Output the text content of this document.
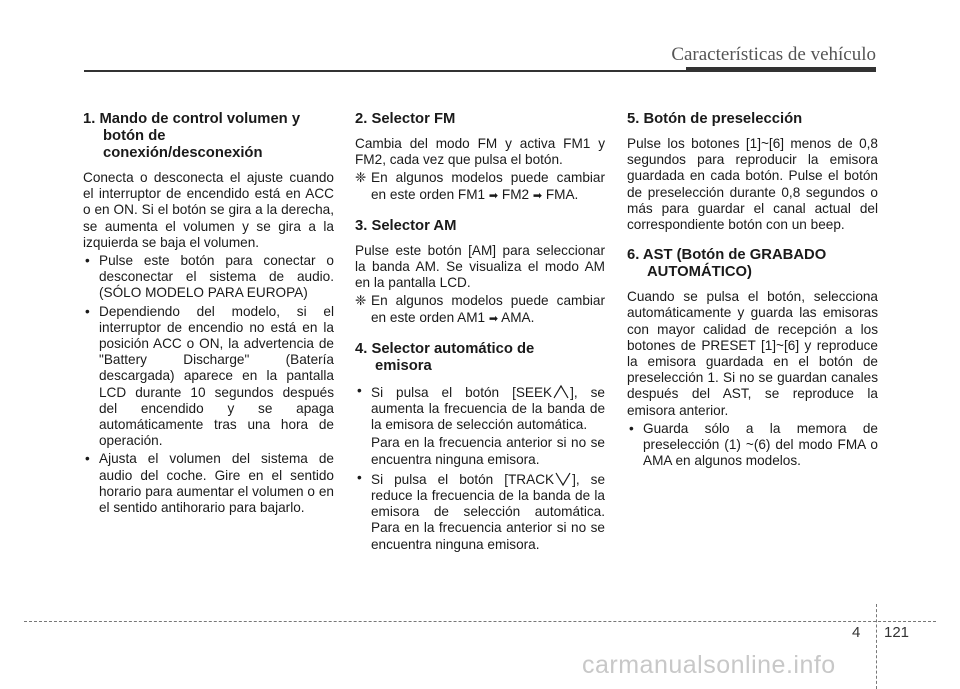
Características de vehículo
1. Mando de control volumen y
botón de
conexión/desconexión

Conecta o desconecta el ajuste cuando el interruptor de encendido está en ACC o en ON. Si el botón se gira a la derecha, se aumenta el volumen y se gira a la izquierda se baja el volumen.

• Pulse este botón para conectar o desconectar el sistema de audio. (SÓLO MODELO PARA EUROPA)
• Dependiendo del modelo, si el interruptor de encendio no está en la posición ACC o ON, la advertencia de "Battery Discharge" (Batería descargada) aparece en la pantalla LCD durante 10 segundos después del encendido y se apaga automáticamente tras una hora de operación.
• Ajusta el volumen del sistema de audio del coche. Gire en el sentido horario para aumentar el volumen o en el sentido antihorario para bajarlo.
2. Selector FM

Cambia del modo FM y activa FM1 y FM2, cada vez que pulsa el botón.

❈ En algunos modelos puede cambiar en este orden FM1 ➡ FM2 ➡ FMA.
3. Selector AM

Pulse este botón [AM] para seleccionar la banda AM. Se visualiza el modo AM en la pantalla LCD.

❈ En algunos modelos puede cambiar en este orden AM1 ➡ AMA.
4. Selector automático de
emisora
• Si pulsa el botón [SEEK ], se aumenta la frecuencia de la banda de la emisora de selección automática.

Para en la frecuencia anterior si no se encuentra ninguna emisora.

• Si pulsa el botón [TRACK ], se reduce la frecuencia de la banda de la emisora de selección automática. Para en la frecuencia anterior si no se encuentra ninguna emisora.
5. Botón de preselección

Pulse los botones [1]~[6] menos de 0,8 segundos para reproducir la emisora guardada en cada botón. Pulse el botón de preselección durante 0,8 segundos o más para guardar el canal actual del correspondiente botón con un beep.

6. AST (Botón de GRABADO
AUTOMÁTICO)

Cuando se pulsa el botón, selecciona automáticamente y guarda las emisoras con mayor calidad de recepción a los botones de PRESET [1]~[6] y reproduce la emisora guardada en el botón de preselección 1. Si no se guardan canales después del AST, se reproduce la emisora anterior.

• Guarda sólo a la memora de preselección (1) ~(6) del modo FMA o AMA en algunos modelos.
4 121
carmanualsonline.info
